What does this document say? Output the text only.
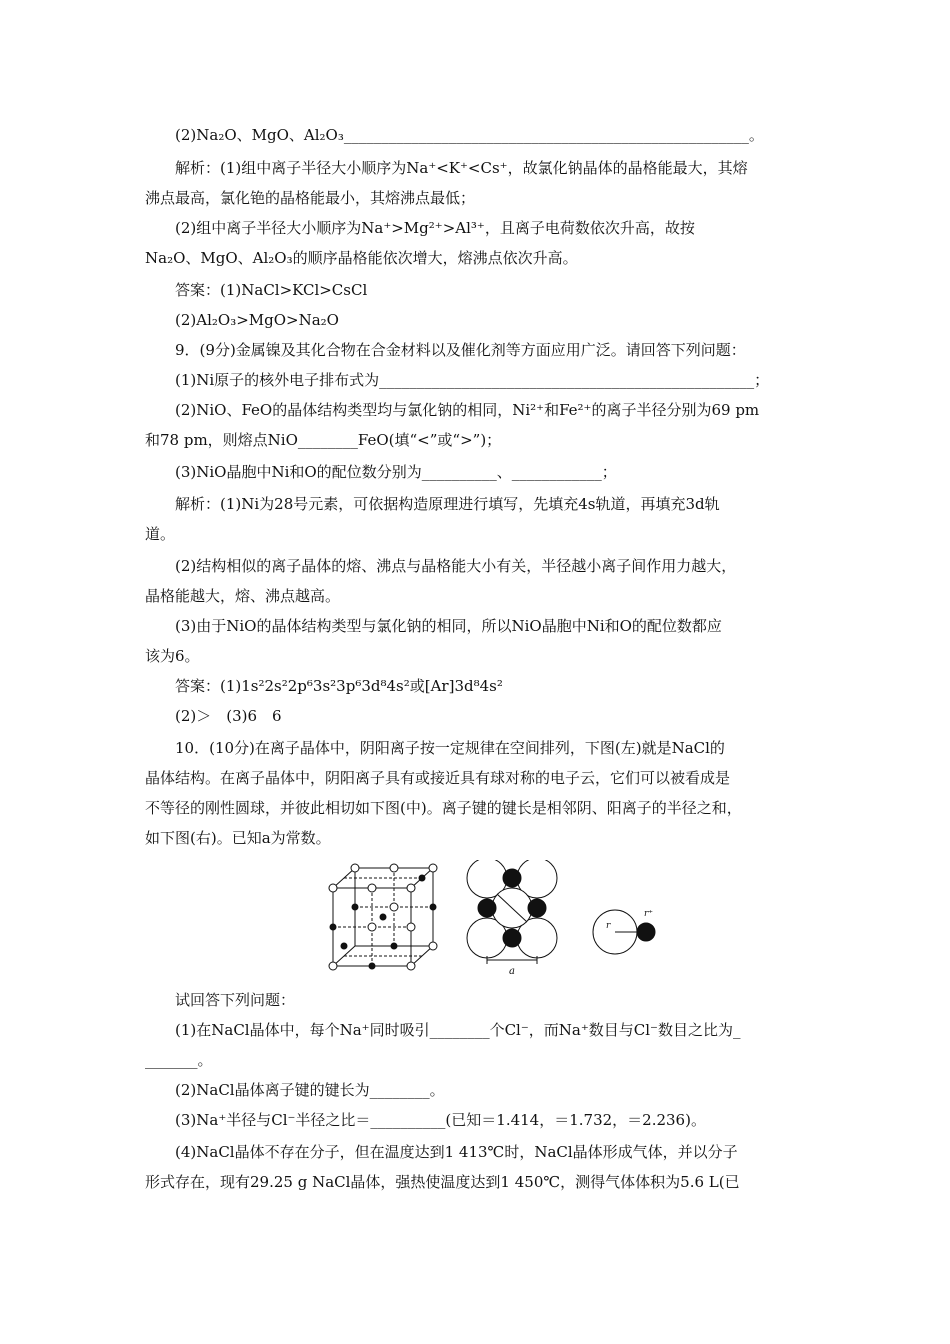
(2)Na₂O、MgO、Al₂O₃______________________________________________________。
解析：(1)组中离子半径大小顺序为Na⁺<K⁺<Cs⁺，故氯化钠晶体的晶格能最大，其熔
沸点最高，氯化铯的晶格能最小，其熔沸点最低；
(2)组中离子半径大小顺序为Na⁺>Mg²⁺>Al³⁺，且离子电荷数依次升高，故按
Na₂O、MgO、Al₂O₃的顺序晶格能依次增大，熔沸点依次升高。
答案：(1)NaCl>KCl>CsCl
(2)Al₂O₃>MgO>Na₂O
9．(9分)金属镍及其化合物在合金材料以及催化剂等方面应用广泛。请回答下列问题：
(1)Ni原子的核外电子排布式为__________________________________________________；
(2)NiO、FeO的晶体结构类型均与氯化钠的相同，Ni²⁺和Fe²⁺的离子半径分别为69 pm
和78 pm，则熔点NiO________FeO(填“<”或“>”)；
(3)NiO晶胞中Ni和O的配位数分别为__________、____________；
解析：(1)Ni为28号元素，可依据构造原理进行填写，先填充4s轨道，再填充3d轨
道。
(2)结构相似的离子晶体的熔、沸点与晶格能大小有关，半径越小离子间作用力越大，
晶格能越大，熔、沸点越高。
(3)由于NiO的晶体结构类型与氯化钠的相同，所以NiO晶胞中Ni和O的配位数都应
该为6。
答案：(1)1s²2s²2p⁶3s²3p⁶3d⁸4s²或[Ar]3d⁸4s²
(2)＞　(3)6　6
10．(10分)在离子晶体中，阴阳离子按一定规律在空间排列，下图(左)就是NaCl的
晶体结构。在离子晶体中，阴阳离子具有或接近具有球对称的电子云，它们可以被看成是
不等径的刚性圆球，并彼此相切如下图(中)。离子键的键长是相邻阴、阳离子的半径之和，
如下图(右)。已知a为常数。
a
r
r⁺
试回答下列问题：
(1)在NaCl晶体中，每个Na⁺同时吸引________个Cl⁻，而Na⁺数目与Cl⁻数目之比为_
_______。
(2)NaCl晶体离子键的键长为________。
(3)Na⁺半径与Cl⁻半径之比＝__________(已知＝1.414，＝1.732，＝2.236)。
(4)NaCl晶体不存在分子，但在温度达到1 413℃时，NaCl晶体形成气体，并以分子
形式存在，现有29.25 g NaCl晶体，强热使温度达到1 450℃，测得气体体积为5.6 L(已
